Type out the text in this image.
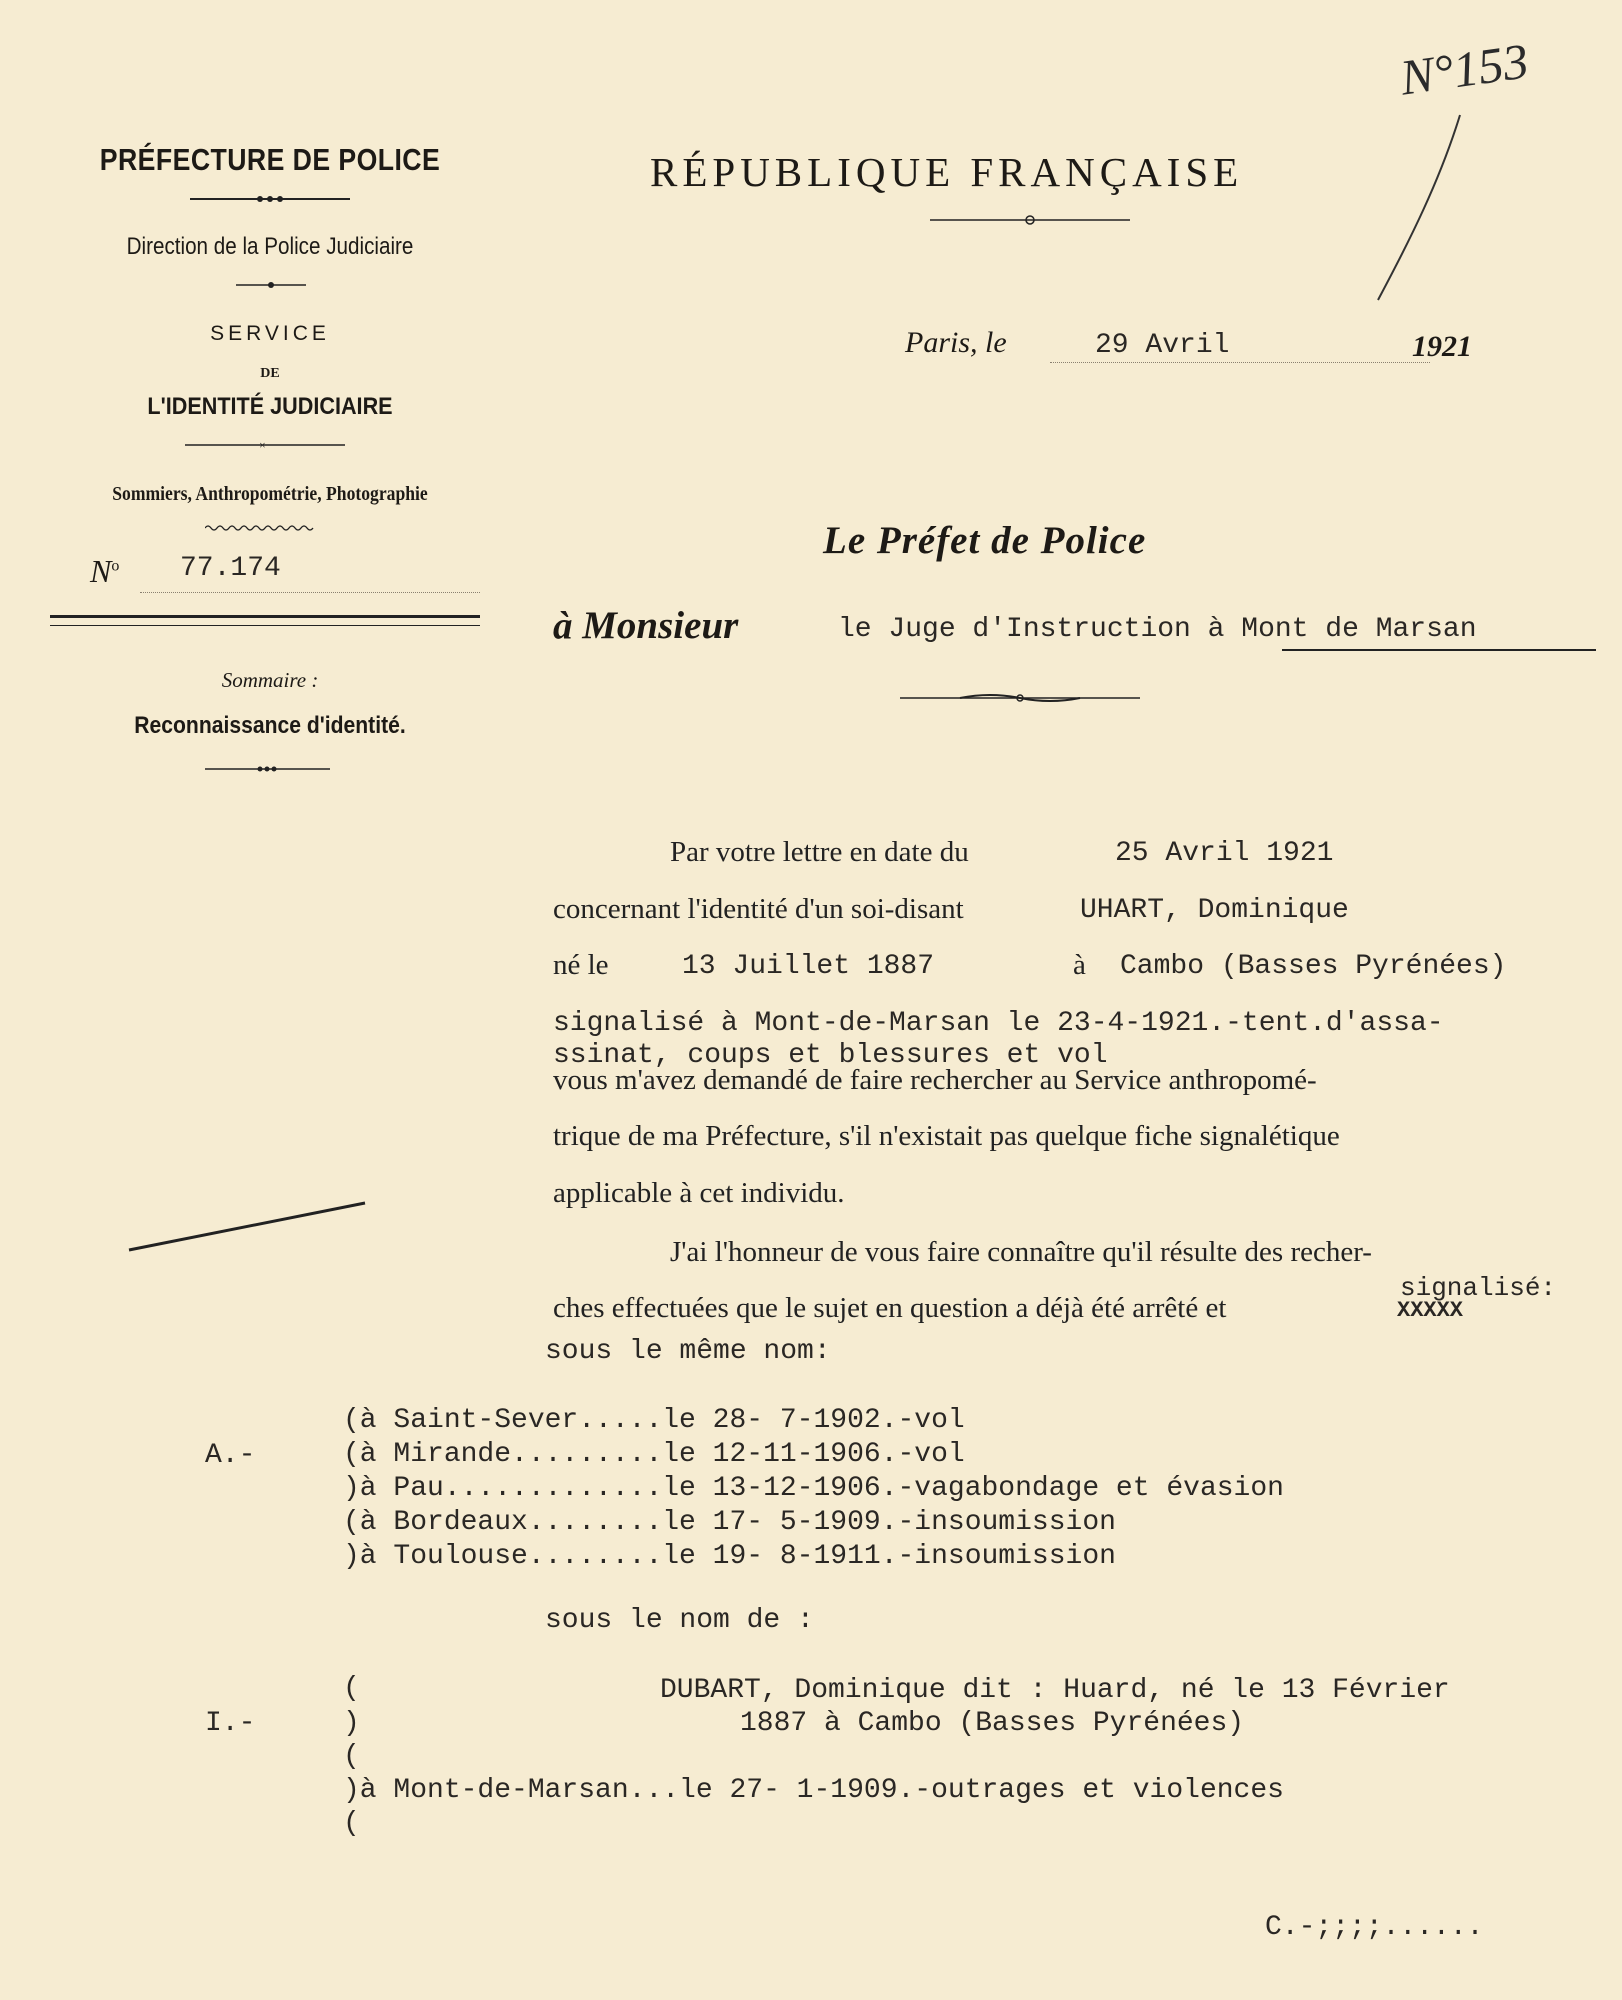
N°153
PRÉFECTURE DE POLICE
Direction de la Police Judiciaire
SERVICE
DE
L'IDENTITÉ JUDICIAIRE
×
Sommiers, Anthropométrie, Photographie
$N^o$ 77.174
Sommaire :
Reconnaissance d'identité.
RÉPUBLIQUE FRANÇAISE
Paris, le	29 Avril	1921
Le Préfet de Police
à Monsieur	le Juge d'Instruction à Mont de Marsan
Par votre lettre en date du	25 Avril 1921
concernant l'identité d'un soi-disant	UHART, Dominique
né le	13 Juillet 1887	à Cambo (Basses Pyrénées)
signalisé à Mont-de-Marsan le 23-4-1921.-tent.d'assa-
ssinat, coups et blessures et vol
vous m'avez demandé de faire rechercher au Service anthropomé-
trique de ma Préfecture, s'il n'existait pas quelque fiche signalétique
applicable à cet individu.
J'ai l'honneur de vous faire connaître qu'il résulte des recher-
signalisé:
ches effectuées que le sujet en question a déjà été arrêté et	XXXXX
sous le même nom:
A.-
(à Saint-Sever.....le 28- 7-1902.-vol
(à Mirande.........le 12-11-1906.-vol
)à Pau.............le 13-12-1906.-vagabondage et évasion
(à Bordeaux........le 17- 5-1909.-insoumission
)à Toulouse........le 19- 8-1911.-insoumission
sous le nom de :
(	DUBART, Dominique dit : Huard, né le 13 Février
I.-	)	1887 à Cambo (Basses Pyrénées)
(
)à Mont-de-Marsan...le 27- 1-1909.-outrages et violences
(
C.-;;;;......
